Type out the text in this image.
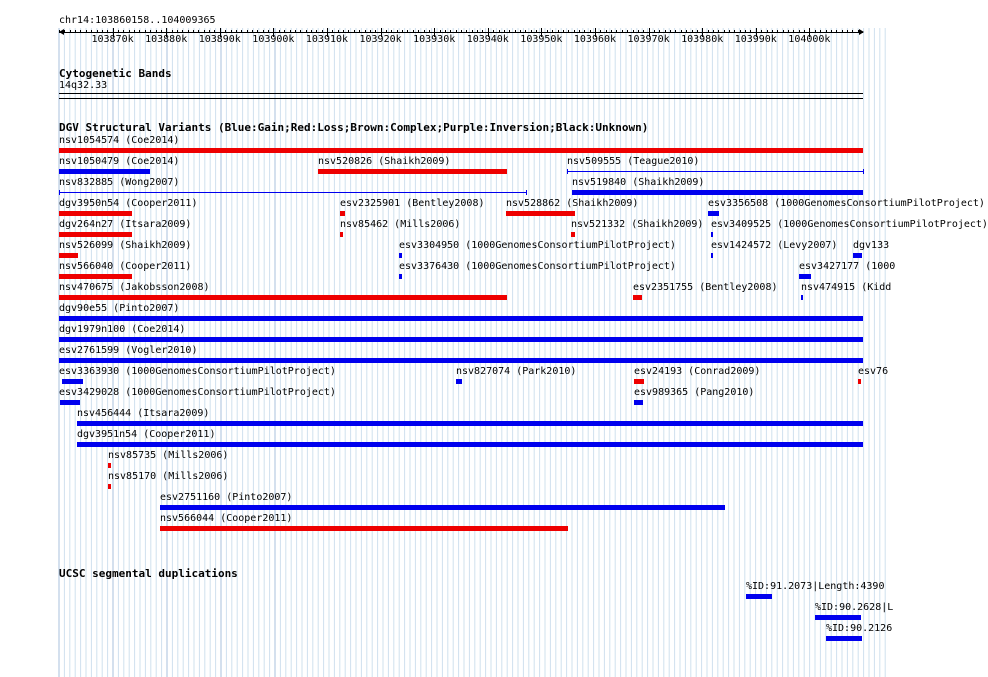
chr14:103860158..104009365
103870k 103880k 103890k 103900k 103910k 103920k 103930k 103940k 103950k 103960k 103970k 103980k 103990k 104000k
Cytogenetic Bands
14q32.33
DGV Structural Variants (Blue:Gain;Red:Loss;Brown:Complex;Purple:Inversion;Black:Unknown)
nsv1054574 (Coe2014)
nsv1050479 (Coe2014)	nsv520826 (Shaikh2009)	nsv509555 (Teague2010)
nsv832885 (Wong2007)	nsv519840 (Shaikh2009)
dgv3950n54 (Cooper2011)	esv2325901 (Bentley2008) nsv528862 (Shaikh2009)	esv3356508 (1000GenomesConsortiumPilotProject)
dgv264n27 (Itsara2009)	nsv85462 (Mills2006)	nsv521332 (Shaikh2009) esv3409525 (1000GenomesConsortiumPilotProject)
nsv526099 (Shaikh2009)	esv3304950 (1000GenomesConsortiumPilotProject)	esv1424572 (Levy2007) dgv133
nsv566040 (Cooper2011)	esv3376430 (1000GenomesConsortiumPilotProject)	esv3427177 (1000
nsv470675 (Jakobsson2008)	esv2351755 (Bentley2008) nsv474915 (Kidd
dgv90e55 (Pinto2007)
dgv1979n100 (Coe2014)
esv2761599 (Vogler2010)
esv3363930 (1000GenomesConsortiumPilotProject)	nsv827074 (Park2010)	esv24193 (Conrad2009)	esv76
esv3429028 (1000GenomesConsortiumPilotProject)	esv989365 (Pang2010)
nsv456444 (Itsara2009)
dgv3951n54 (Cooper2011)
nsv85735 (Mills2006)
nsv85170 (Mills2006)
esv2751160 (Pinto2007)
nsv566044 (Cooper2011)
UCSC segmental duplications
%ID:91.2073|Length:4390
%ID:90.2628|L
%ID:90.2126
